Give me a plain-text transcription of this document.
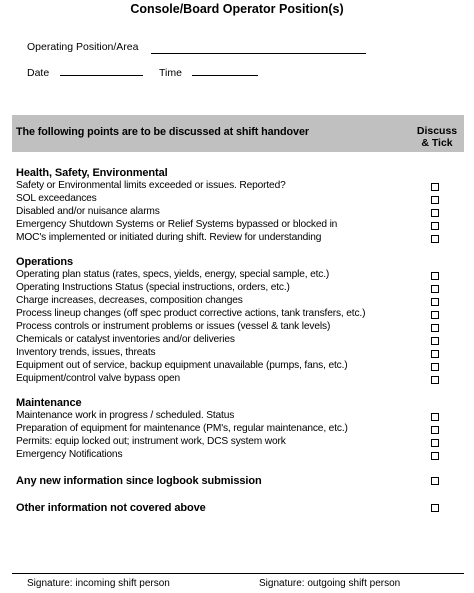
Console/Board Operator Position(s)
Operating Position/Area
Date	Time
The following points are to be discussed at shift handover	Discuss
& Tick
Health, Safety, Environmental
Safety or Environmental limits exceeded or issues. Reported?
SOL exceedances
Disabled and/or nuisance alarms
Emergency Shutdown Systems or Relief Systems bypassed or blocked in
MOC's implemented or initiated during shift. Review for understanding
Operations
Operating plan status (rates, specs, yields, energy, special sample, etc.)
Operating Instructions Status (special instructions, orders, etc.)
Charge increases, decreases, composition changes
Process lineup changes (off spec product corrective actions, tank transfers, etc.)
Process controls or instrument problems or issues (vessel & tank levels)
Chemicals or catalyst inventories and/or deliveries
Inventory trends, issues, threats
Equipment out of service, backup equipment unavailable (pumps, fans, etc.)
Equipment/control valve bypass open
Maintenance
Maintenance work in progress / scheduled. Status
Preparation of equipment for maintenance (PM's, regular maintenance, etc.)
Permits: equip locked out; instrument work, DCS system work
Emergency Notifications
Any new information since logbook submission
Other information not covered above
Signature: incoming shift person	Signature: outgoing shift person
